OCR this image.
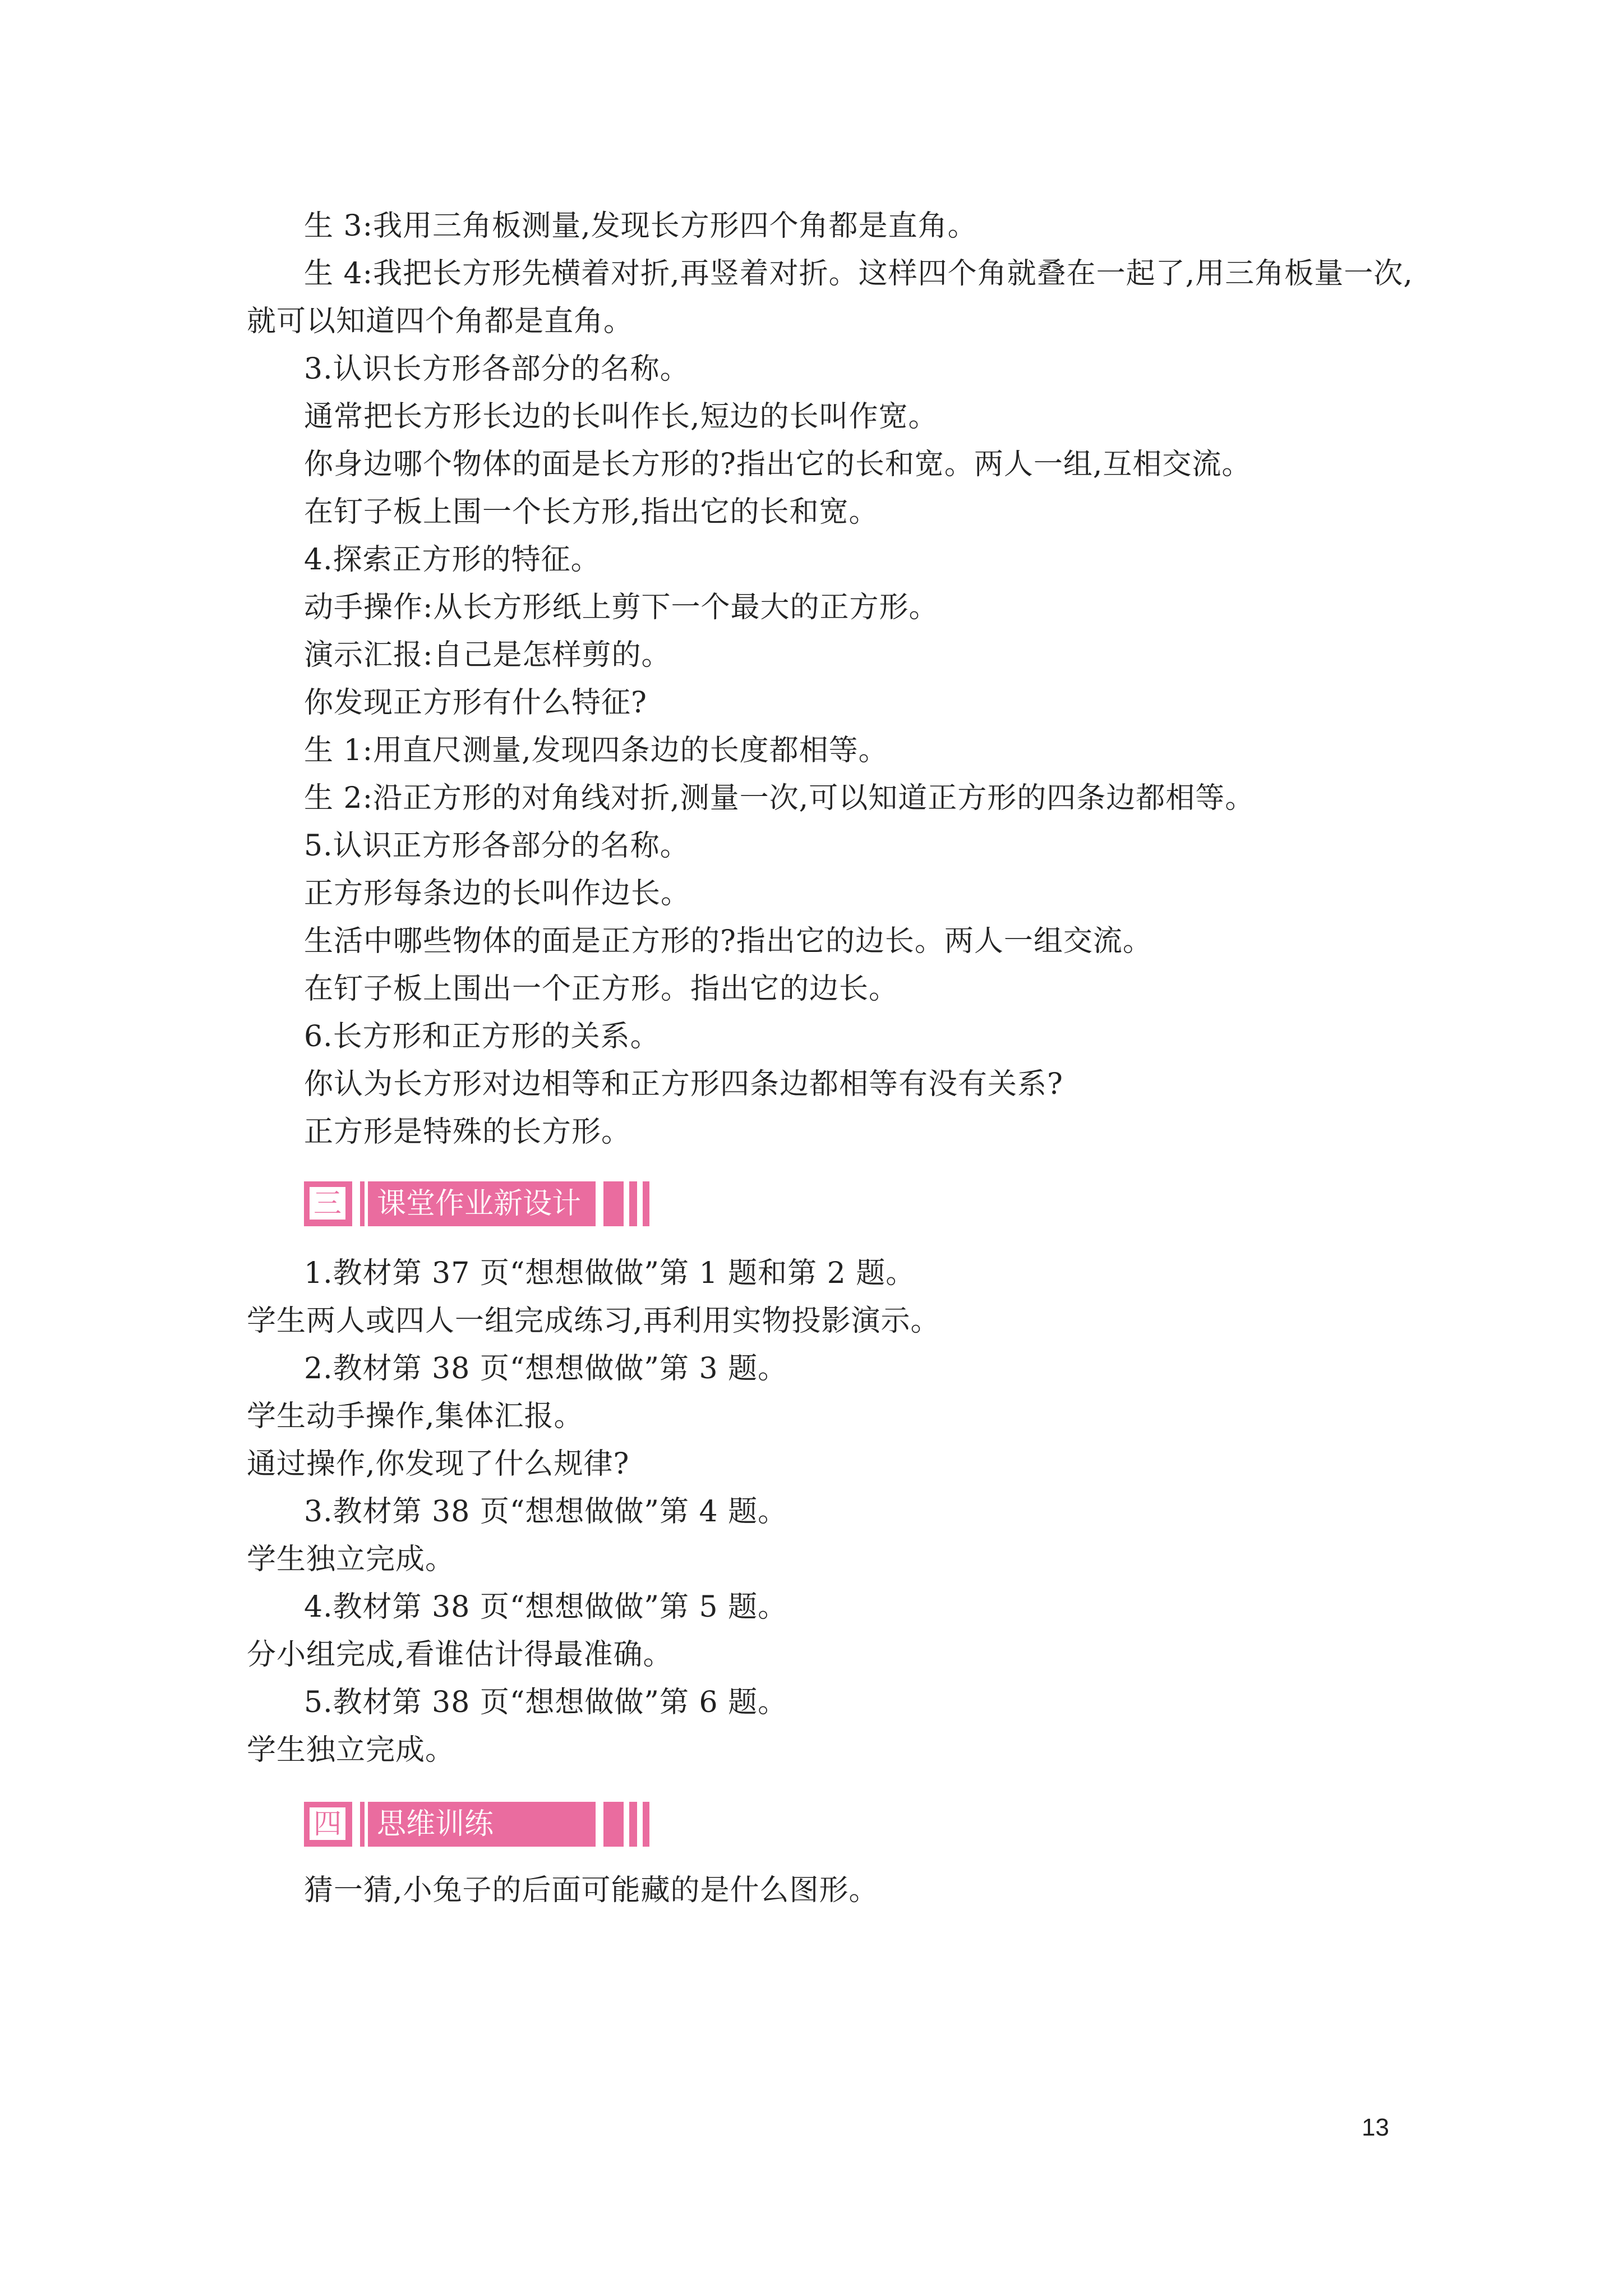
生 3:我用三角板测量,发现长方形四个角都是直角。
生 4:我把长方形先横着对折,再竖着对折。这样四个角就叠在一起了,用三角板量一次,
就可以知道四个角都是直角。
3.认识长方形各部分的名称。
通常把长方形长边的长叫作长,短边的长叫作宽。
你身边哪个物体的面是长方形的?指出它的长和宽。两人一组,互相交流。
在钉子板上围一个长方形,指出它的长和宽。
4.探索正方形的特征。
动手操作:从长方形纸上剪下一个最大的正方形。
演示汇报:自己是怎样剪的。
你发现正方形有什么特征?
生 1:用直尺测量,发现四条边的长度都相等。
生 2:沿正方形的对角线对折,测量一次,可以知道正方形的四条边都相等。
5.认识正方形各部分的名称。
正方形每条边的长叫作边长。
生活中哪些物体的面是正方形的?指出它的边长。两人一组交流。
在钉子板上围出一个正方形。指出它的边长。
6.长方形和正方形的关系。
你认为长方形对边相等和正方形四条边都相等有没有关系?
正方形是特殊的长方形。
三 课堂作业新设计
1.教材第 37 页“想想做做”第 1 题和第 2 题。
学生两人或四人一组完成练习,再利用实物投影演示。
2.教材第 38 页“想想做做”第 3 题。
学生动手操作,集体汇报。
通过操作,你发现了什么规律?
3.教材第 38 页“想想做做”第 4 题。
学生独立完成。
4.教材第 38 页“想想做做”第 5 题。
分小组完成,看谁估计得最准确。
5.教材第 38 页“想想做做”第 6 题。
学生独立完成。
四 思维训练
猜一猜,小兔子的后面可能藏的是什么图形。
13
